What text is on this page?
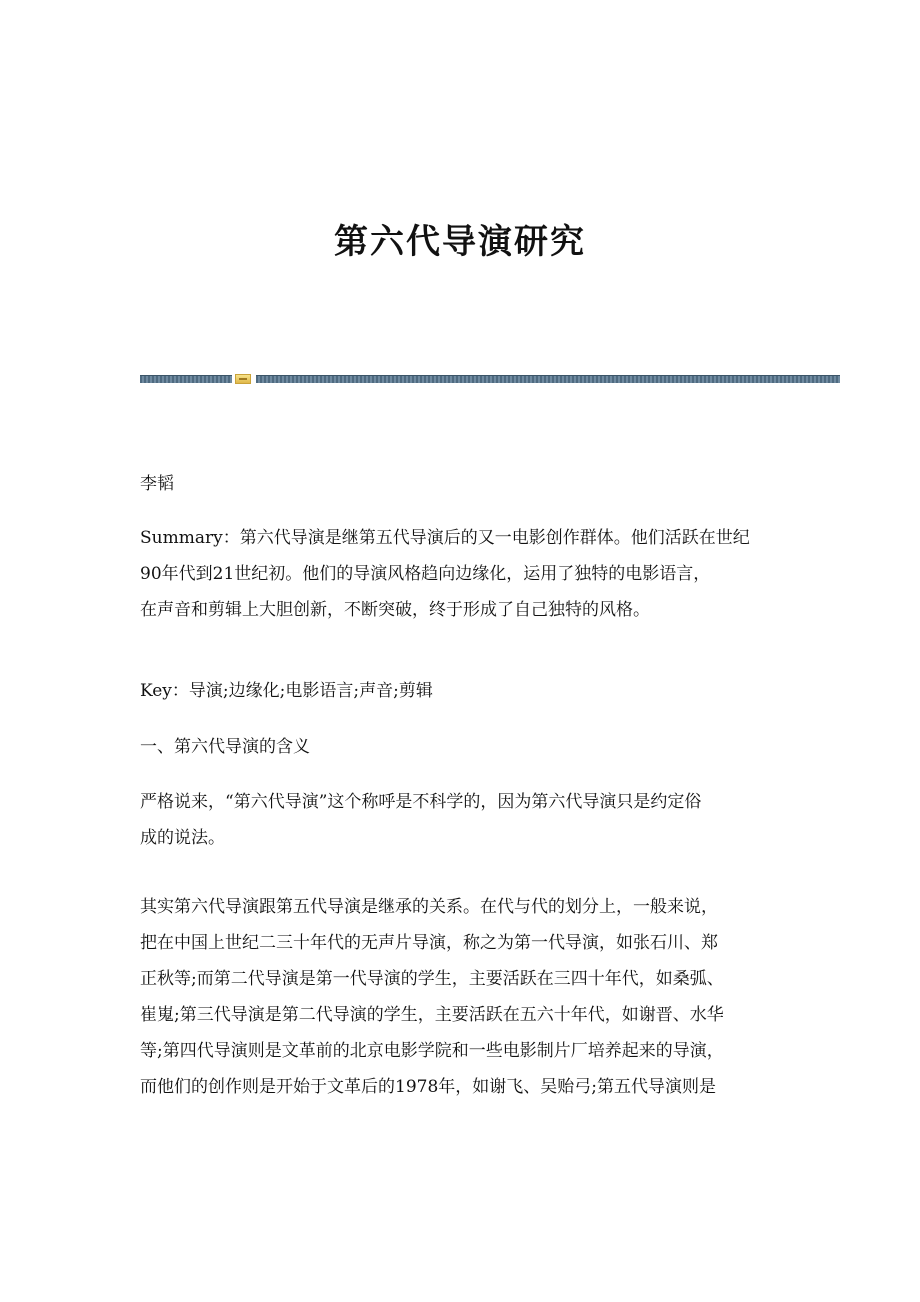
第六代导演研究

李韬

Summary：第六代导演是继第五代导演后的又一电影创作群体。他们活跃在世纪

90年代到21世纪初。他们的导演风格趋向边缘化，运用了独特的电影语言，

在声音和剪辑上大胆创新，不断突破，终于形成了自己独特的风格。

Key：导演;边缘化;电影语言;声音;剪辑

一、第六代导演的含义

严格说来，“第六代导演”这个称呼是不科学的，因为第六代导演只是约定俗

成的说法。

其实第六代导演跟第五代导演是继承的关系。在代与代的划分上，一般来说，

把在中国上世纪二三十年代的无声片导演，称之为第一代导演，如张石川、郑

正秋等;而第二代导演是第一代导演的学生，主要活跃在三四十年代，如桑弧、

崔嵬;第三代导演是第二代导演的学生，主要活跃在五六十年代，如谢晋、水华

等;第四代导演则是文革前的北京电影学院和一些电影制片厂培养起来的导演，

而他们的创作则是开始于文革后的1978年，如谢飞、吴贻弓;第五代导演则是
